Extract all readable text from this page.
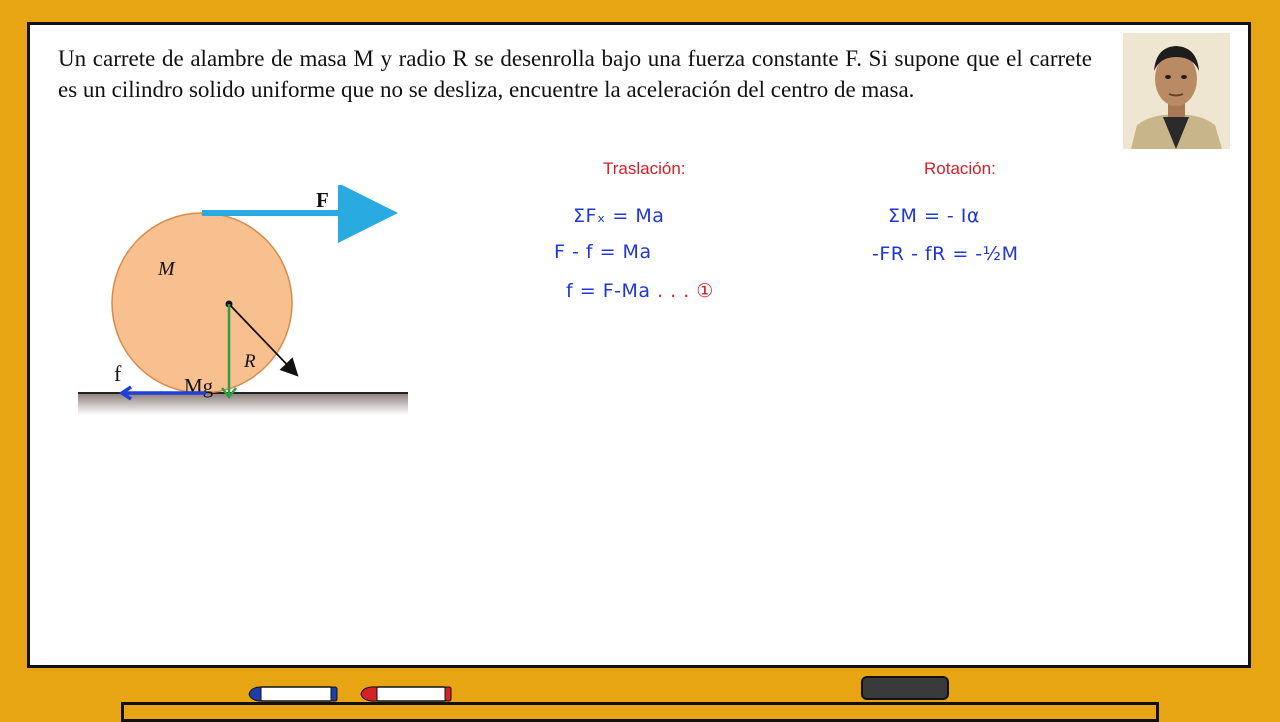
Un carrete de alambre de masa M y radio R se desenrolla bajo una fuerza constante F. Si supone que el carrete es un cilindro solido uniforme que no se desliza, encuentre la aceleración del centro de masa.
F
M
R
Mg
f
Traslación:
ΣFₓ = Ma
F - f = Ma
f = F-Ma . . . ①
Rotación:
ΣM = - Iα
-FR - fR = -½M
